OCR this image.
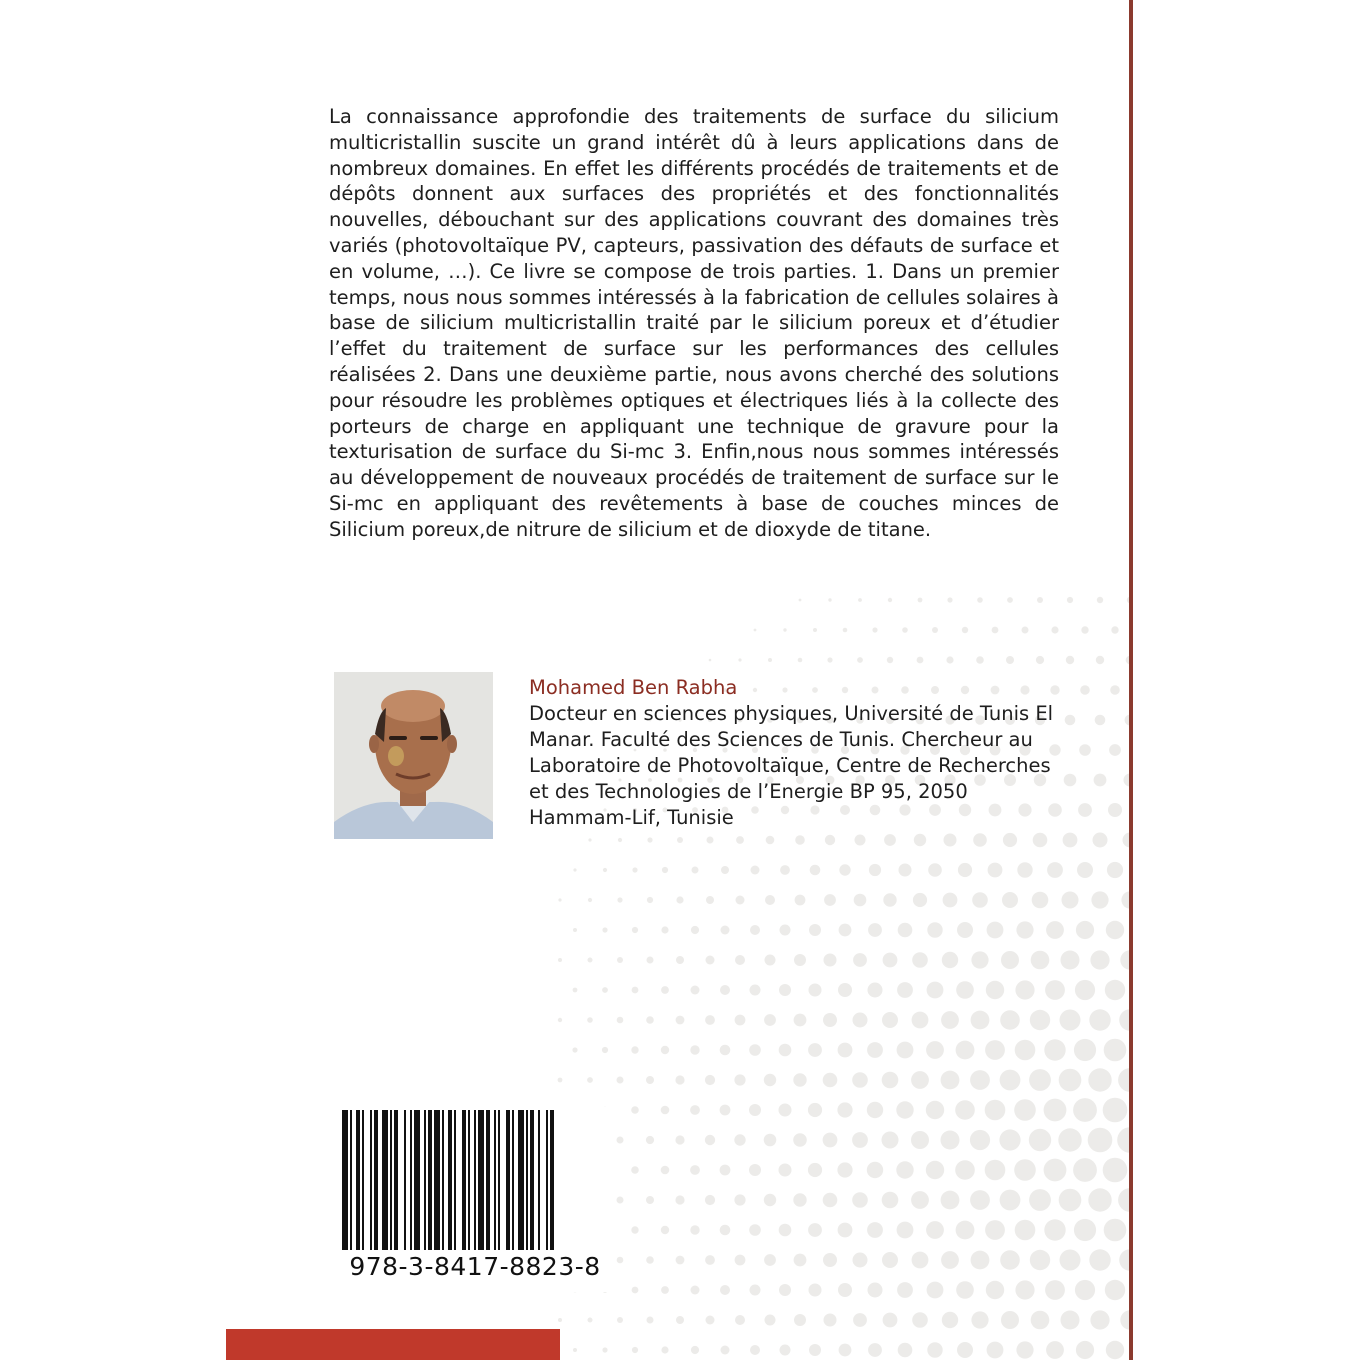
La connaissance approfondie des traitements de surface du silicium multicristallin suscite un grand intérêt dû à leurs applications dans de nombreux domaines. En effet les différents procédés de traitements et de dépôts donnent aux surfaces des propriétés et des fonctionnalités nouvelles, débouchant sur des applications couvrant des domaines très variés (photovoltaïque PV, capteurs, passivation des défauts de surface et en volume, …). Ce livre se compose de trois parties. 1. Dans un premier temps, nous nous sommes intéressés à la fabrication de cellules solaires à base de silicium multicristallin traité par le silicium poreux et d’étudier l’effet du traitement de surface sur les performances des cellules réalisées 2. Dans une deuxième partie, nous avons cherché des solutions pour résoudre les problèmes optiques et électriques liés à la collecte des porteurs de charge en appliquant une technique de gravure pour la texturisation de surface du Si-mc 3. Enfin,nous nous sommes intéressés au développement de nouveaux procédés de traitement de surface sur le Si-mc en appliquant des revêtements à base de couches minces de Silicium poreux,de nitrure de silicium et de dioxyde de titane.

Mohamed Ben Rabha

Docteur en sciences physiques, Université de Tunis El Manar. Faculté des Sciences de Tunis. Chercheur au Laboratoire de Photovoltaïque, Centre de Recherches et des Technologies de l’Energie BP 95, 2050 Hammam-Lif, Tunisie

978-3-8417-8823-8
